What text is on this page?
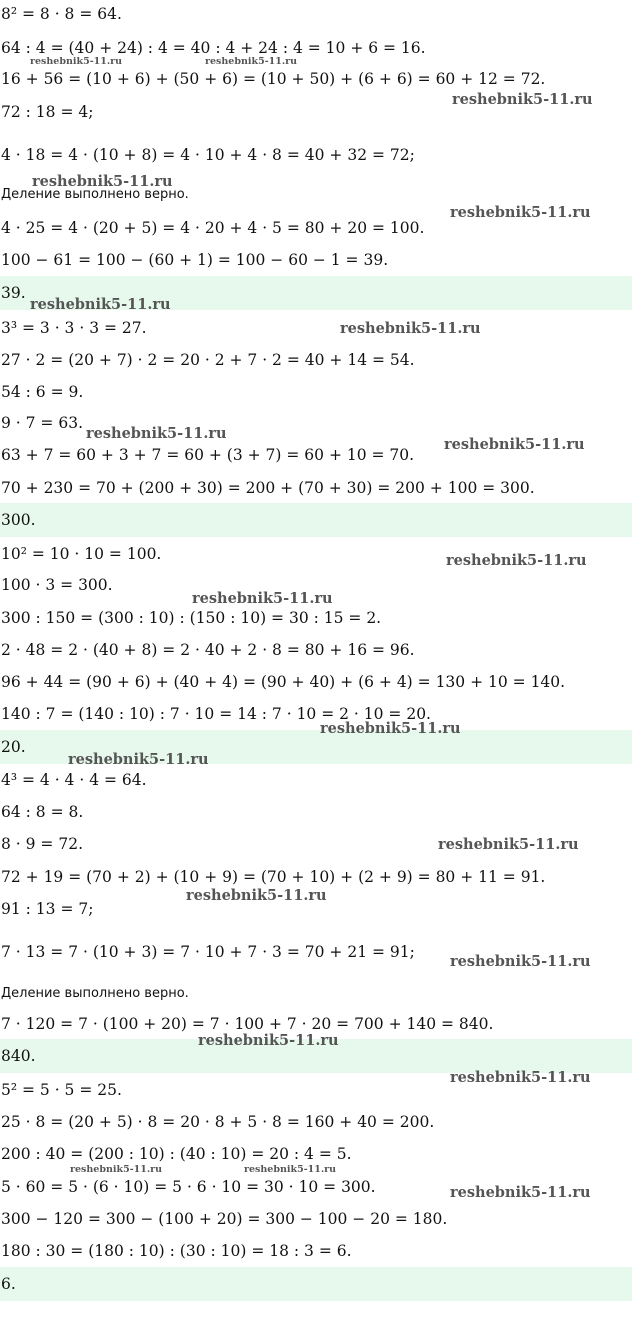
8² = 8 · 8 = 64.
64 : 4 = (40 + 24) : 4 = 40 : 4 + 24 : 4 = 10 + 6 = 16.
16 + 56 = (10 + 6) + (50 + 6) = (10 + 50) + (6 + 6) = 60 + 12 = 72.
72 : 18 = 4;
4 · 18 = 4 · (10 + 8) = 4 · 10 + 4 · 8 = 40 + 32 = 72;
Деление выполнено верно.
4 · 25 = 4 · (20 + 5) = 4 · 20 + 4 · 5 = 80 + 20 = 100.
100 − 61 = 100 − (60 + 1) = 100 − 60 − 1 = 39.
39.
3³ = 3 · 3 · 3 = 27.
27 · 2 = (20 + 7) · 2 = 20 · 2 + 7 · 2 = 40 + 14 = 54.
54 : 6 = 9.
9 · 7 = 63.
63 + 7 = 60 + 3 + 7 = 60 + (3 + 7) = 60 + 10 = 70.
70 + 230 = 70 + (200 + 30) = 200 + (70 + 30) = 200 + 100 = 300.
300.
10² = 10 · 10 = 100.
100 · 3 = 300.
300 : 150 = (300 : 10) : (150 : 10) = 30 : 15 = 2.
2 · 48 = 2 · (40 + 8) = 2 · 40 + 2 · 8 = 80 + 16 = 96.
96 + 44 = (90 + 6) + (40 + 4) = (90 + 40) + (6 + 4) = 130 + 10 = 140.
140 : 7 = (140 : 10) : 7 · 10 = 14 : 7 · 10 = 2 · 10 = 20.
20.
4³ = 4 · 4 · 4 = 64.
64 : 8 = 8.
8 · 9 = 72.
72 + 19 = (70 + 2) + (10 + 9) = (70 + 10) + (2 + 9) = 80 + 11 = 91.
91 : 13 = 7;
7 · 13 = 7 · (10 + 3) = 7 · 10 + 7 · 3 = 70 + 21 = 91;
Деление выполнено верно.
7 · 120 = 7 · (100 + 20) = 7 · 100 + 7 · 20 = 700 + 140 = 840.
840.
5² = 5 · 5 = 25.
25 · 8 = (20 + 5) · 8 = 20 · 8 + 5 · 8 = 160 + 40 = 200.
200 : 40 = (200 : 10) : (40 : 10) = 20 : 4 = 5.
5 · 60 = 5 · (6 · 10) = 5 · 6 · 10 = 30 · 10 = 300.
300 − 120 = 300 − (100 + 20) = 300 − 100 − 20 = 180.
180 : 30 = (180 : 10) : (30 : 10) = 18 : 3 = 6.
6.
reshebnik5-11.ru	reshebnik5-11.ru
reshebnik5-11.ru
reshebnik5-11.ru
reshebnik5-11.ru
reshebnik5-11.ru
reshebnik5-11.ru
reshebnik5-11.ru
reshebnik5-11.ru
reshebnik5-11.ru
reshebnik5-11.ru
reshebnik5-11.ru
reshebnik5-11.ru
reshebnik5-11.ru
reshebnik5-11.ru
reshebnik5-11.ru
reshebnik5-11.ru
reshebnik5-11.ru
reshebnik5-11.ru	reshebnik5-11.ru
reshebnik5-11.ru
